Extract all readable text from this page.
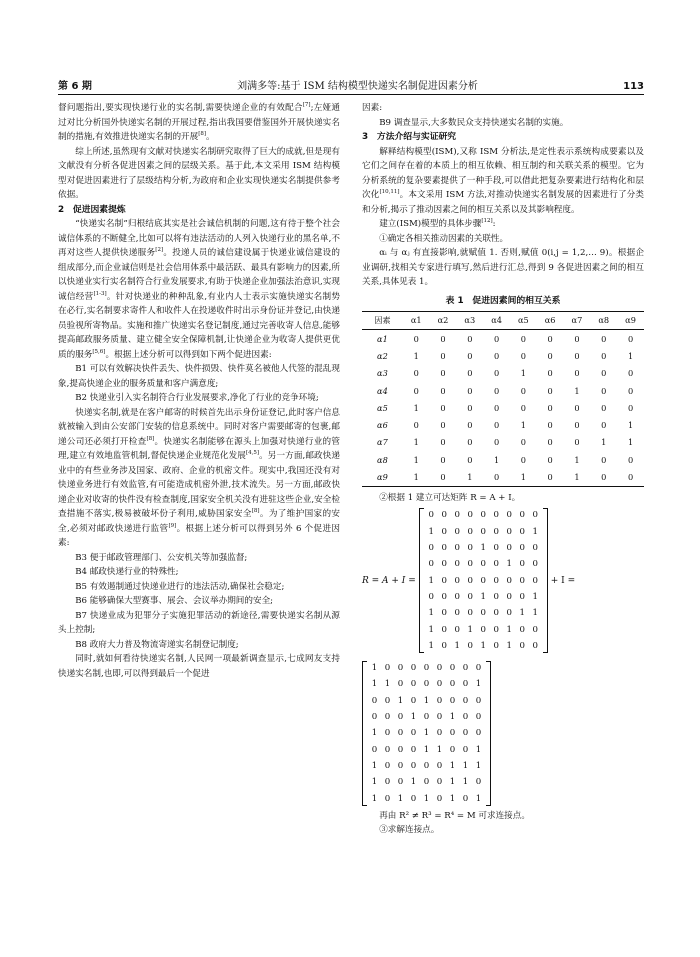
第 6 期	刘满多等:基于 ISM 结构模型快递实名制促进因素分析	113

督问题指出,要实现快递行业的实名制,需要快递企业的有效配合[7];左娅通过对比分析国外快递实名制的开展过程,指出我国要借鉴国外开展快递实名制的措施,有效推进快递实名制的开展[8]。

综上所述,虽然现有文献对快递实名制研究取得了巨大的成就,但是现有文献没有分析各促进因素之间的层级关系。基于此,本文采用 ISM 结构模型对促进因素进行了层级结构分析,为政府和企业实现快递实名制提供参考依据。

2　促进因素提炼

“快递实名制”归根结底其实是社会诚信机制的问题,这有待于整个社会诚信体系的不断健全,比如可以将有违法活动的人列入快递行业的黑名单,不再对这些人提供快递服务[2]。投递人员的诚信建设属于快递业诚信建设的组成部分,而企业诚信则是社会信用体系中最活跃、最具有影响力的因素,所以快递业实行实名制符合行业发展要求,有助于快递企业加强法治意识,实现诚信经营[1-3]。针对快递业的种种乱象,有业内人士表示实施快递实名制势在必行,实名制要求寄件人和收件人在投递收件时出示身份证并登记,由快递员验视所寄物品。实施和推广快递实名登记制度,通过完善收寄人信息,能够提高邮政服务质量、建立健全安全保障机制,让快递企业为收寄人提供更优质的服务[5,6]。根据上述分析可以得到如下两个促进因素:

B1 可以有效解决快件丢失、快件损毁、快件莫名被他人代签的混乱现象,提高快递企业的服务质量和客户满意度;

B2 快递业引入实名制符合行业发展要求,净化了行业的竞争环境;

快递实名制,就是在客户邮寄的时候首先出示身份证登记,此时客户信息就被输入到由公安部门安装的信息系统中。同时对客户需要邮寄的包裹,邮递公司还必须打开检查[8]。快递实名制能够在源头上加强对快递行业的管理,建立有效地监管机制,督促快递企业规范化发展[4,5]。另一方面,邮政快递业中的有些业务涉及国家、政府、企业的机密文件。现实中,我国还没有对快递业务进行有效监管,有可能造成机密外泄,技术流失。另一方面,邮政快递企业对收寄的快件没有检查制度,国家安全机关没有进驻这些企业,安全检查措施不落实,极易被破坏份子利用,威胁国家安全[8]。为了维护国家的安全,必须对邮政快递进行监管[9]。根据上述分析可以得到另外 6 个促进因素:

B3 便于邮政管理部门、公安机关等加强监督;

B4 邮政快递行业的特殊性;

B5 有效遏制通过快递业进行的违法活动,确保社会稳定;

B6 能够确保大型赛事、展会、会议举办期间的安全;

B7 快递业成为犯罪分子实施犯罪活动的新途径,需要快递实名制从源头上控制;

B8 政府大力普及物流寄递实名制登记制度;

同时,就如何看待快递实名制,人民网一项最新调查显示,七成网友支持快递实名制,也即,可以得到最后一个促进

因素:

B9 调查显示,大多数民众支持快递实名制的实施。

3　方法介绍与实证研究

解释结构模型(ISM),又称 ISM 分析法,是定性表示系统构成要素以及它们之间存在着的本质上的相互依赖、相互制约和关联关系的模型。它为分析系统的复杂要素提供了一种手段,可以借此把复杂要素进行结构化和层次化[10,11]。本文采用 ISM 方法,对推动快递实名制发展的因素进行了分类和分析,揭示了推动因素之间的相互关系以及其影响程度。

建立(ISM)模型的具体步骤[12]:

①确定各相关推动因素的关联性。

αᵢ 与 αⱼ 有直接影响,就赋值 1. 否则,赋值 0(i,j = 1,2,… 9)。根据企业调研,找相关专家进行填写,然后进行汇总,得到 9 各促进因素之间的相互关系,具体见表 1。

表 1　促进因素间的相互关系

因素	α1	α2	α3	α4	α5	α6	α7	α8	α9
α1	0	0	0	0	0	0	0	0	0
α2	1	0	0	0	0	0	0	0	1
α3	0	0	0	0	1	0	0	0	0
α4	0	0	0	0	0	0	1	0	0
α5	1	0	0	0	0	0	0	0	0
α6	0	0	0	0	1	0	0	0	1
α7	1	0	0	0	0	0	0	1	1
α8	1	0	0	1	0	0	1	0	0
α9	1	0	1	0	1	0	1	0	0

②根据 1 建立可达矩阵 R = A + I。

R = A + I =
0 0 0 0 0 0 0 0 0
1 0 0 0 0 0 0 0 1
0 0 0 0 1 0 0 0 0
0 0 0 0 0 0 1 0 0
1 0 0 0 0 0 0 0 0
0 0 0 0 1 0 0 0 1
1 0 0 0 0 0 0 1 1
1 0 0 1 0 0 1 0 0
1 0 1 0 1 0 1 0 0
+ I =
1 0 0 0 0 0 0 0 0
1 1 0 0 0 0 0 0 1
0 0 1 0 1 0 0 0 0
0 0 0 1 0 0 1 0 0
1 0 0 0 1 0 0 0 0
0 0 0 0 1 1 0 0 1
1 0 0 0 0 0 1 1 1
1 0 0 1 0 0 1 1 0
1 0 1 0 1 0 1 0 1

再由 R² ≠ R³ = R⁴ = M 可求连接点。

③求解连接点。
